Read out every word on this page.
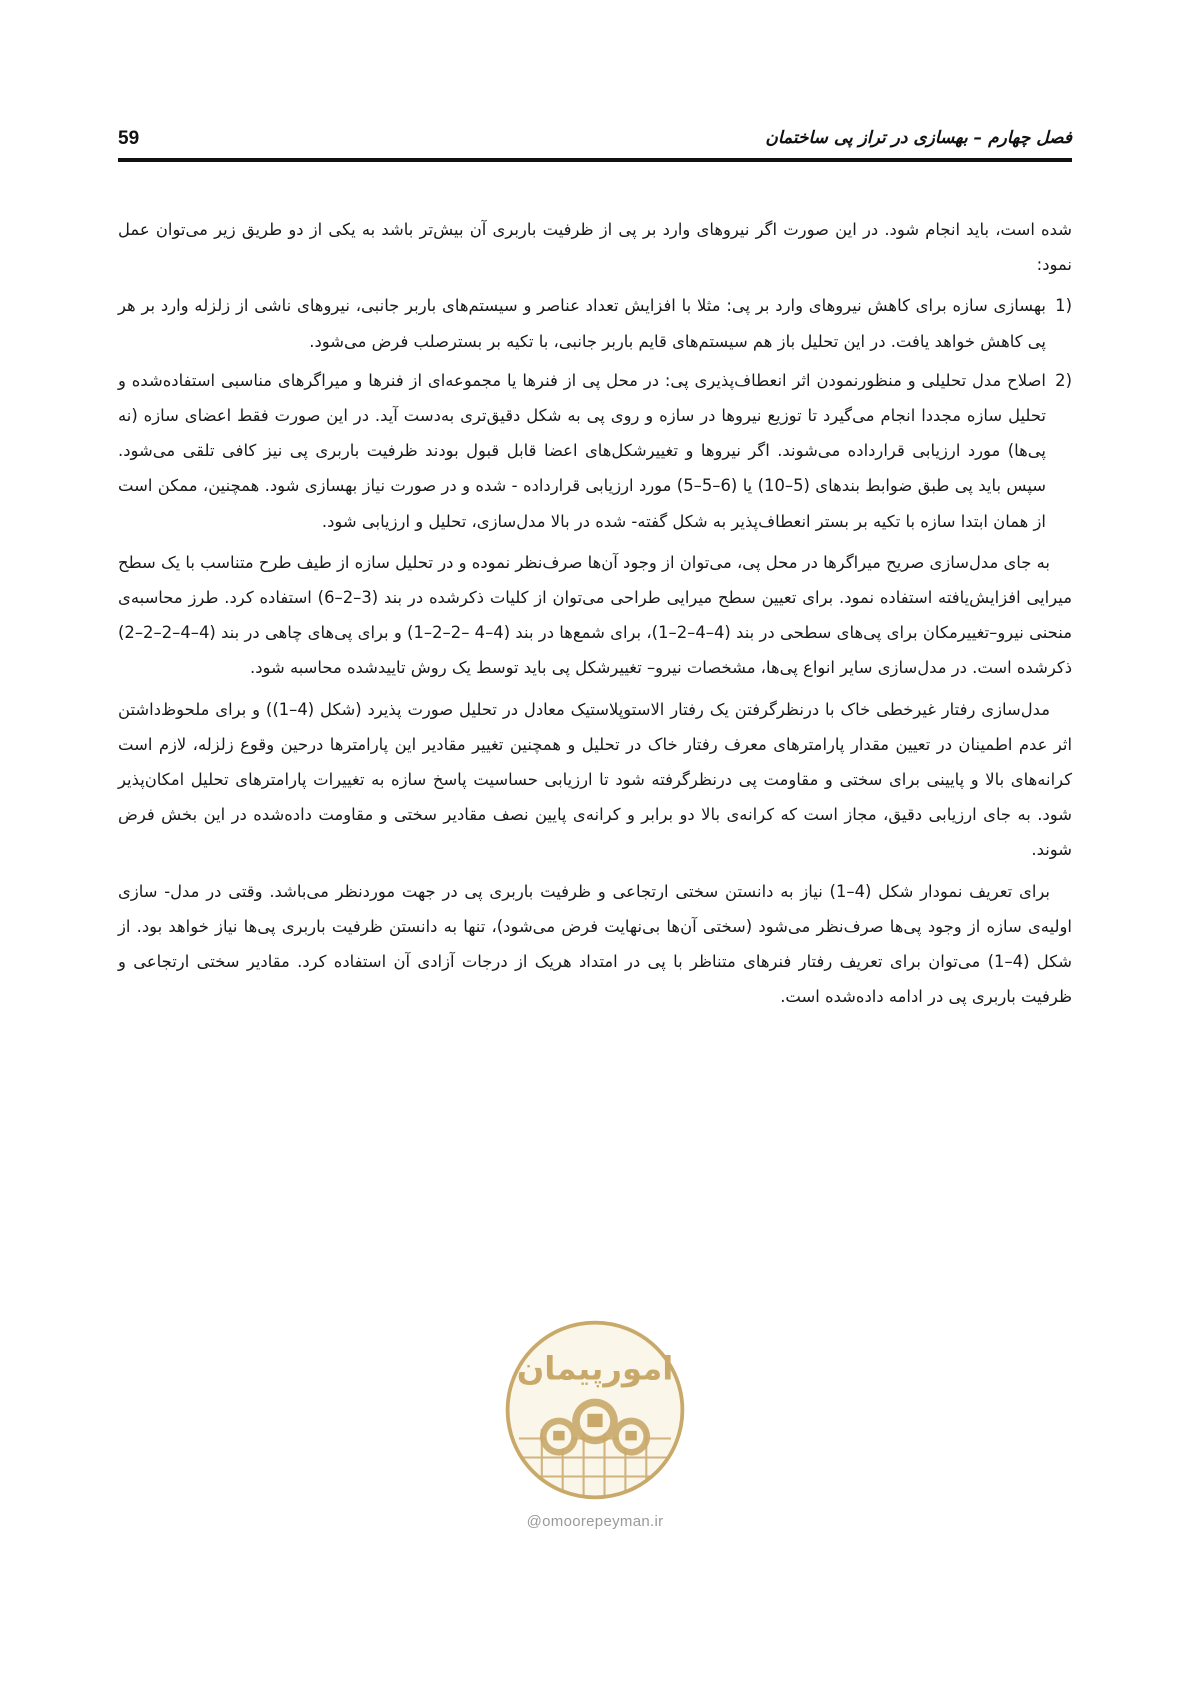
فصل چهارم – بهسازی در تراز پی ساختمان
59

شده است، باید انجام شود. در این صورت اگر نیروهای وارد بر پی از ظرفیت باربری آن بیش‌تر باشد به یکی از دو طریق زیر می‌توان عمل نمود:

1)
بهسازی سازه برای کاهش نیروهای وارد بر پی: مثلا با افزایش تعداد عناصر و سیستم‌های باربر جانبی، نیروهای ناشی از زلزله وارد بر هر پی کاهش خواهد یافت. در این تحلیل باز هم سیستم‌های قایم باربر جانبی، با تکیه بر بستر‌صلب فرض می‌شود.
2)
اصلاح مدل تحلیلی و منظورنمودن اثر انعطاف‌پذیری پی: در محل پی از فنرها یا مجموعه‌ای از فنرها و میراگرهای مناسبی استفاده‌شده و تحلیل سازه مجددا انجام می‌گیرد تا توزیع نیروها در سازه و روی پی به شکل دقیق‌تری به‌دست آید. در این صورت فقط اعضای سازه (نه پی‌ها) مورد ارزیابی قرارداده می‌شوند. اگر نیروها و تغییرشکل‌های اعضا قابل قبول بودند ظرفیت باربری پی نیز کافی تلقی می‌شود. سپس باید پی طبق ضوابط بندهای (5–10) یا (6–5–5) مورد ارزیابی قرارداده - شده و در صورت نیاز بهسازی شود. همچنین، ممکن است از همان ابتدا سازه با تکیه بر بستر انعطاف‌پذیر به شکل گفته- شده در بالا مدل‌سازی، تحلیل و ارزیابی شود.

به جای مدل‌سازی صریح میراگرها در محل پی، می‌توان از وجود آن‌ها صرف‌نظر نموده و در تحلیل سازه از طیف طرح متناسب با یک سطح میرایی افزایش‌یافته استفاده نمود. برای تعیین سطح میرایی طراحی می‌توان از کلیات ذکرشده در بند (3–2–6) استفاده کرد. طرز محاسبه‌ی منحنی نیرو–تغییرمکان برای پی‌های سطحی در بند (4–4–2–1)، برای شمع‌ها در بند (4–4 –2–2–1) و برای پی‌های چاهی در بند (4–4–2–2–2) ذکرشده است. در مدل‌سازی سایر انواع پی‌ها، مشخصات نیرو– تغییرشکل پی باید توسط یک روش تاییدشده محاسبه شود.

مدل‌سازی رفتار غیرخطی خاک با درنظرگرفتن یک رفتار الاستوپلاستیک معادل در تحلیل صورت پذیرد (شکل (4–1)) و برای ملحوظ‌داشتن اثر عدم اطمینان در تعیین مقدار پارامترهای معرف رفتار خاک در تحلیل و همچنین تغییر مقادیر این پارامترها درحین وقوع زلزله، لازم است کرانه‌های بالا و پایینی برای سختی و مقاومت پی درنظرگرفته شود تا ارزیابی حساسیت پاسخ سازه به تغییرات پارامترهای تحلیل امکان‌پذیر شود. به جای ارزیابی دقیق، مجاز است که کرانه‌ی بالا دو برابر و کرانه‌ی پایین نصف مقادیر سختی و مقاومت داده‌شده در این بخش فرض شوند.

برای تعریف نمودار شکل (4–1) نیاز به دانستن سختی ارتجاعی و ظرفیت باربری پی در جهت موردنظر می‌باشد. وقتی در مدل- سازی اولیه‌ی سازه از وجود پی‌ها صرف‌نظر می‌شود (سختی آن‌ها بی‌نهایت فرض می‌شود)، تنها به دانستن ظرفیت باربری پی‌ها نیاز خواهد بود. از شکل (4–1) می‌توان برای تعریف رفتار فنرهای متناظر با پی در امتداد هریک از درجات آزادی آن استفاده کرد. مقادیر سختی ارتجاعی و ظرفیت باربری پی در ادامه داده‌شده است.

امورپیمان
@omoorepeyman.ir
